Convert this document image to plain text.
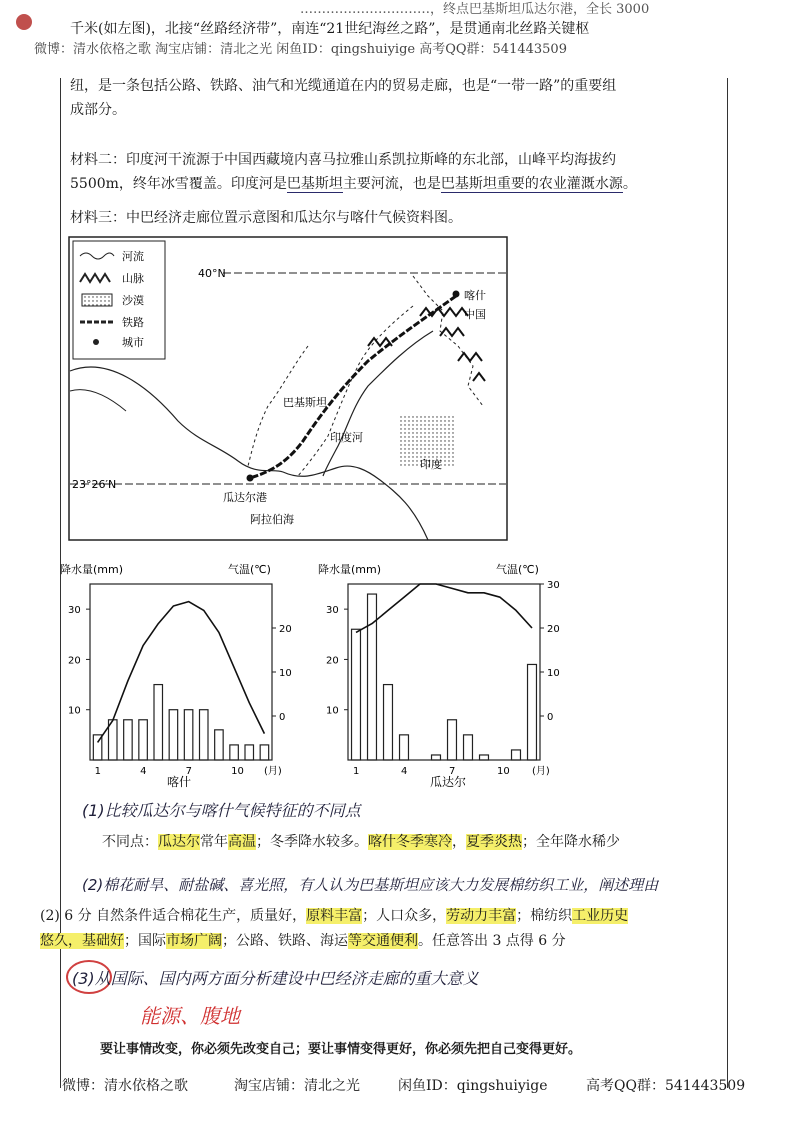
…………………………，终点巴基斯坦瓜达尔港，全长 3000
千米(如左图)，北接“丝路经济带”，南连“21世纪海丝之路”，是贯通南北丝路关键枢
微博：清水依格之歌 淘宝店铺：清北之光 闲鱼ID：qingshuiyige 高考QQ群：541443509
纽，是一条包括公路、铁路、油气和光缆通道在内的贸易走廊，也是“一带一路”的重要组
成部分。
材料二：印度河干流源于中国西藏境内喜马拉雅山系凯拉斯峰的东北部，山峰平均海拔约
5500m，终年冰雪覆盖。印度河是巴基斯坦主要河流，也是巴基斯坦重要的农业灌溉水源。
材料三：中巴经济走廊位置示意图和瓜达尔与喀什气候资料图。
河流
山脉
沙漠
铁路
城市
40°N
23°26′N
喀什
瓜达尔港
中国
印度
印度河
巴基斯坦
阿拉伯海
降水量(mm)	气温(℃)
10
20
30
0
10
20
1	4	7	10 (月)
喀什
降水量(mm)	气温(℃)
10
20
30
0
10
20
30
1	4	7	10 (月)
瓜达尔
(1)比较瓜达尔与喀什气候特征的不同点
不同点：瓜达尔常年高温；冬季降水较多。喀什冬季寒冷，夏季炎热；全年降水稀少
(2)棉花耐旱、耐盐碱、喜光照，有人认为巴基斯坦应该大力发展棉纺织工业，阐述理由
(2) 6 分 自然条件适合棉花生产，质量好，原料丰富；人口众多，劳动力丰富；棉纺织工业历史
悠久，基础好；国际市场广阔；公路、铁路、海运等交通便利。任意答出 3 点得 6 分
(3)从国际、国内两方面分析建设中巴经济走廊的重大意义
能源、腹地
要让事情改变，你必须先改变自己；要让事情变得更好，你必须先把自己变得更好。
微博：清水依格之歌	淘宝店铺：清北之光	闲鱼ID：qingshuiyige	高考QQ群：541443509
